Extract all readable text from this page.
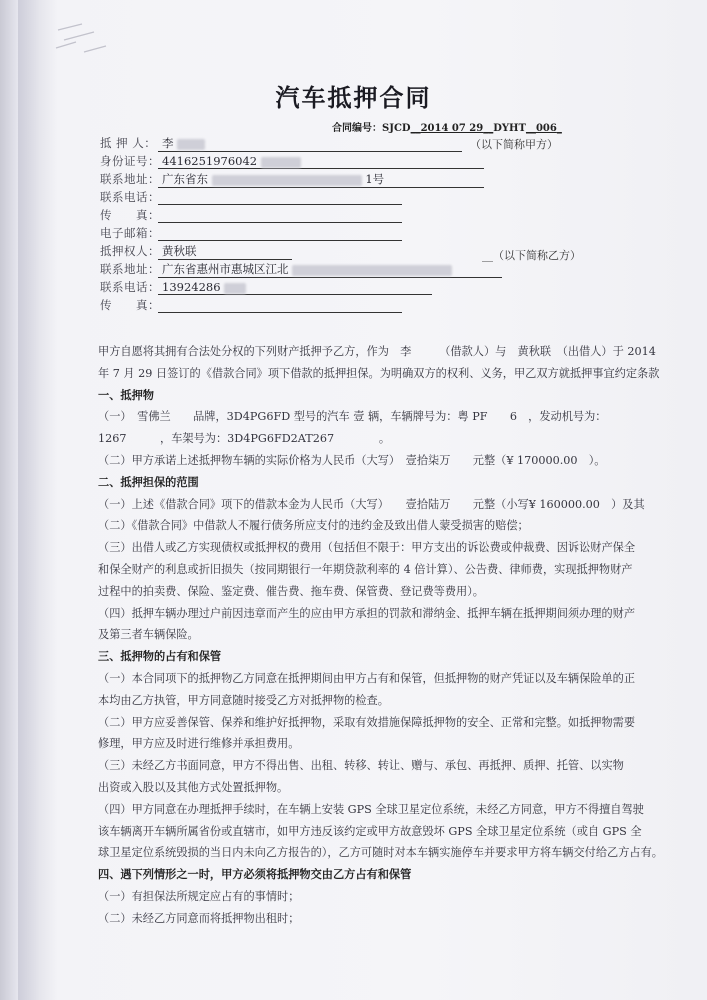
汽车抵押合同
合同编号：SJCD__2014 07 29__DYHT__006_
抵 押 人： 李	（以下简称甲方）
身份证号： 4416251976042
联系地址： 广东省东	1号
联系电话：
传　　真：
电子邮箱：
抵押权人： 黄秋联	__（以下简称乙方）
联系地址： 广东省惠州市惠城区江北
联系电话： 13924286
传　　真：

甲方自愿将其拥有合法处分权的下列财产抵押予乙方，作为　李　　　（借款人）与　黄秋联　（出借人）于 2014

年 7 月 29 日签订的《借款合同》项下借款的抵押担保。为明确双方的权利、义务，甲乙双方就抵押事宜约定条款

一、抵押物

（一）　雪佛兰　　品牌，3D4PG6FD 型号的汽车 壹 辆，车辆牌号为：粤 PF　　6　，发动机号为：

1267　　　，车架号为：3D4PG6FD2AT267　　　　。

（二）甲方承诺上述抵押物车辆的实际价格为人民币（大写）　壹拾柒万　　元整（¥ 170000.00　）。

二、抵押担保的范围

（一）上述《借款合同》项下的借款本金为人民币（大写）　　壹拾陆万　　元整（小写¥ 160000.00　）及其

（二）《借款合同》中借款人不履行债务所应支付的违约金及致出借人蒙受损害的赔偿；

（三）出借人或乙方实现债权或抵押权的费用（包括但不限于：甲方支出的诉讼费或仲裁费、因诉讼财产保全

和保全财产的利息或折旧损失（按同期银行一年期贷款利率的 4 倍计算）、公告费、律师费，实现抵押物财产

过程中的拍卖费、保险、鉴定费、催告费、拖车费、保管费、登记费等费用）。

（四）抵押车辆办理过户前因违章而产生的应由甲方承担的罚款和滞纳金、抵押车辆在抵押期间须办理的财产

及第三者车辆保险。

三、抵押物的占有和保管

（一）本合同项下的抵押物乙方同意在抵押期间由甲方占有和保管，但抵押物的财产凭证以及车辆保险单的正

本均由乙方执管，甲方同意随时接受乙方对抵押物的检查。

（二）甲方应妥善保管、保养和维护好抵押物，采取有效措施保障抵押物的安全、正常和完整。如抵押物需要

修理，甲方应及时进行维修并承担费用。

（三）未经乙方书面同意，甲方不得出售、出租、转移、转让、赠与、承包、再抵押、质押、托管、以实物

出资或入股以及其他方式处置抵押物。

（四）甲方同意在办理抵押手续时，在车辆上安装 GPS 全球卫星定位系统，未经乙方同意，甲方不得擅自驾驶

该车辆离开车辆所属省份或直辖市，如甲方违反该约定或甲方故意毁坏 GPS 全球卫星定位系统（或自 GPS 全

球卫星定位系统毁损的当日内未向乙方报告的），乙方可随时对本车辆实施停车并要求甲方将车辆交付给乙方占有。

四、遇下列情形之一时，甲方必须将抵押物交由乙方占有和保管

（一）有担保法所规定应占有的事情时；

（二）未经乙方同意而将抵押物出租时；
